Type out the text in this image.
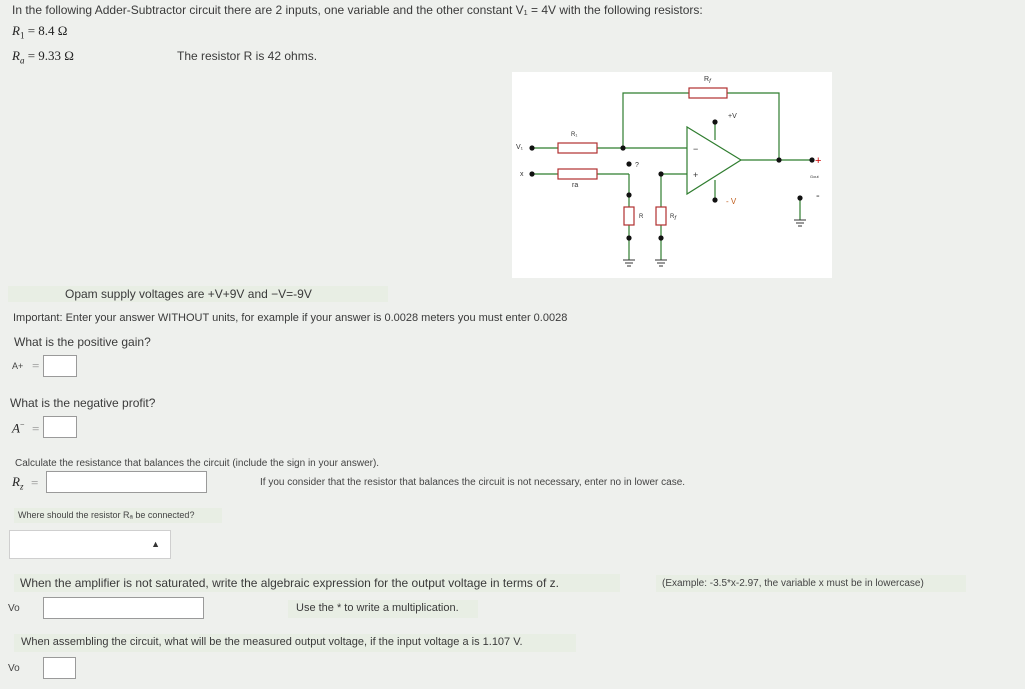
In the following Adder-Subtractor circuit there are 2 inputs, one variable and the other constant V₁ = 4V with the following resistors:
$R_1 = 8.4$ Ω
$R_a = 9.33$ Ω	The resistor R is 42 ohms.
Rf
+V
R₁
V₁
x
ra
?
−
+
- V
R	Rf
+
Gout
-
Opam supply voltages are +V+9V and −V=-9V
Important: Enter your answer WITHOUT units, for example if your answer is 0.0028 meters you must enter 0.0028
What is the positive gain?
A+ =
What is the negative profit?
A− =
Calculate the resistance that balances the circuit (include the sign in your answer).
$R_z$ =	If you consider that the resistor that balances the circuit is not necessary, enter no in lower case.
Where should the resistor Rₐ be connected?
▲

When the amplifier is not saturated, write the algebraic expression for the output voltage in terms of z.	(Example: -3.5*x-2.97, the variable x must be in lowercase)
Vo	Use the * to write a multiplication.
When assembling the circuit, what will be the measured output voltage, if the input voltage a is 1.107 V.
Vo
